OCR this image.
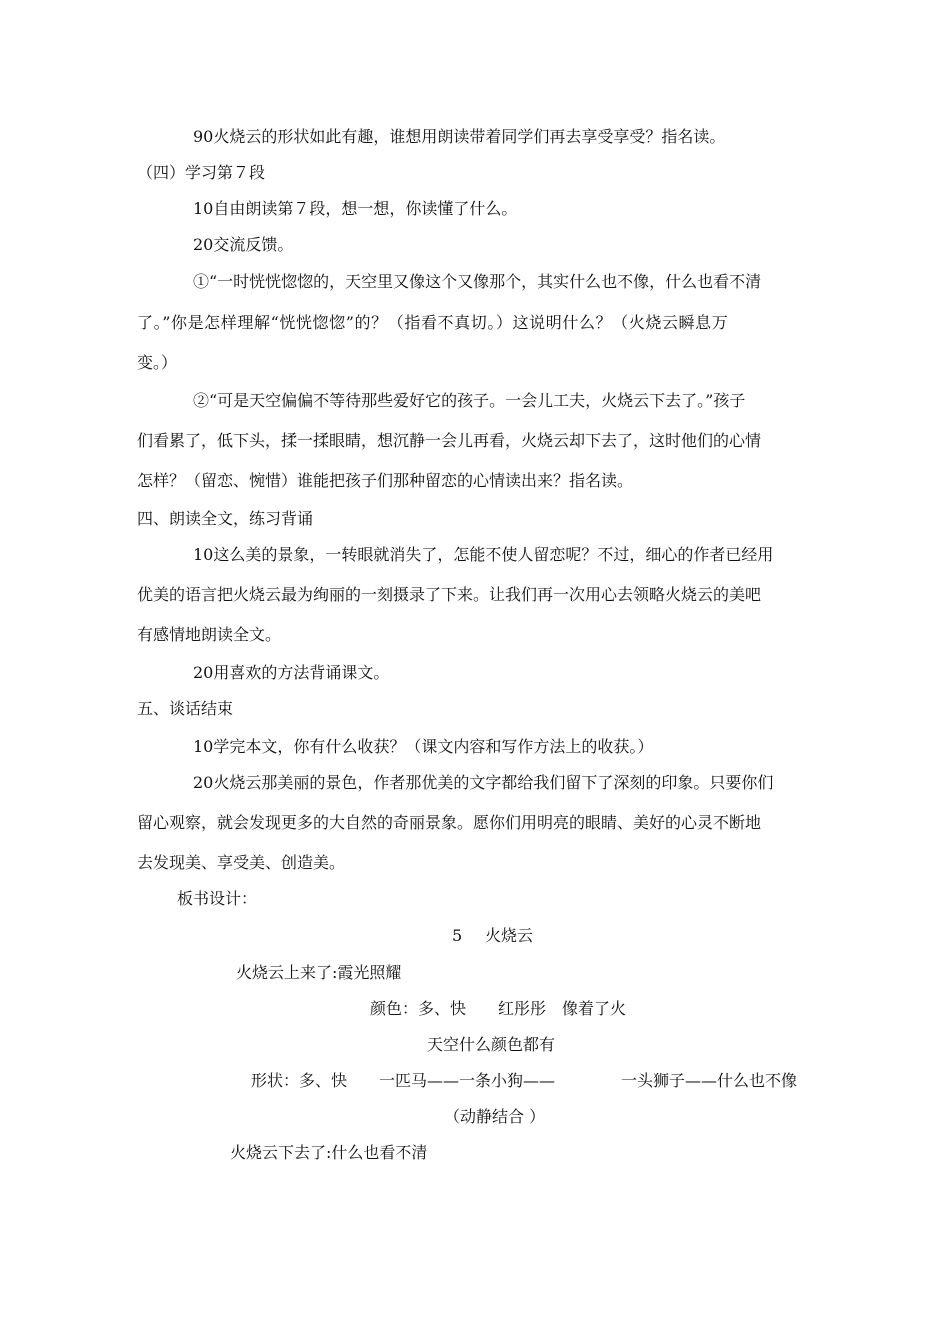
90火烧云的形状如此有趣，谁想用朗读带着同学们再去享受享受？指名读。
（四）学习第７段
10自由朗读第７段，想一想，你读懂了什么。
20交流反馈。
①“一时恍恍惚惚的，天空里又像这个又像那个，其实什么也不像，什么也看不清
了。”你是怎样理解“恍恍惚惚”的？（指看不真切。）这说明什么？（火烧云瞬息万
变。）
②“可是天空偏偏不等待那些爱好它的孩子。一会儿工夫，火烧云下去了。”孩子
们看累了，低下头，揉一揉眼睛，想沉静一会儿再看，火烧云却下去了，这时他们的心情
怎样？（留恋、惋惜）谁能把孩子们那种留恋的心情读出来？指名读。
四、朗读全文，练习背诵
10这么美的景象，一转眼就消失了，怎能不使人留恋呢？不过，细心的作者已经用
优美的语言把火烧云最为绚丽的一刻摄录了下来。让我们再一次用心去领略火烧云的美吧
有感情地朗读全文。
20用喜欢的方法背诵课文。
五、谈话结束
10学完本文，你有什么收获？（课文内容和写作方法上的收获。）
20火烧云那美丽的景色，作者那优美的文字都给我们留下了深刻的印象。只要你们
留心观察，就会发现更多的大自然的奇丽景象。愿你们用明亮的眼睛、美好的心灵不断地
去发现美、享受美、创造美。
板书设计：
5 火烧云
火烧云上来了:霞光照耀
颜色：多、快　　红彤彤　像着了火
天空什么颜色都有
形状：多、快　　一匹马——一条小狗——	一头狮子——什么也不像
（动静结合 ）
火烧云下去了:什么也看不清
